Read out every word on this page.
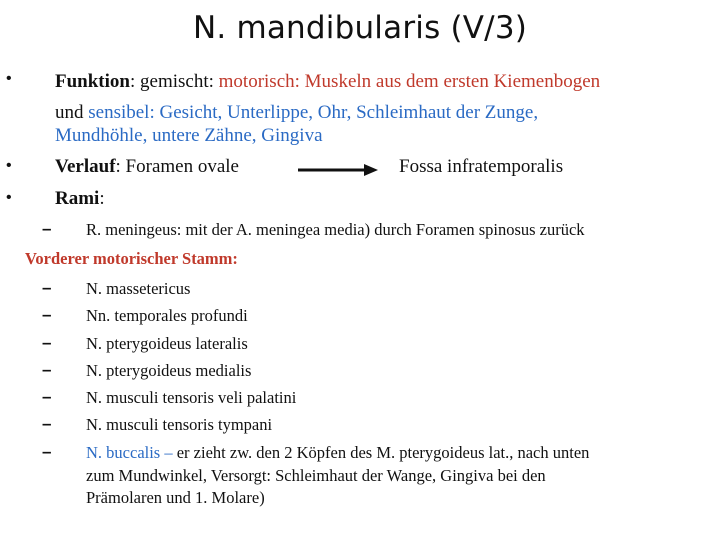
N. mandibularis (V/3)
• Funktion: gemischt: motorisch: Muskeln aus dem ersten Kiemenbogen
und sensibel: Gesicht, Unterlippe, Ohr, Schleimhaut der Zunge,
Mundhöhle, untere Zähne, Gingiva
• Verlauf: Foramen ovale	Fossa infratemporalis
• Rami:
– R. meningeus: mit der A. meningea media) durch Foramen spinosus zurück
Vorderer motorischer Stamm:
– N. massetericus
– Nn. temporales profundi
– N. pterygoideus lateralis
– N. pterygoideus medialis
– N. musculi tensoris veli palatini
– N. musculi tensoris tympani
– N. buccalis – er zieht zw. den 2 Köpfen des M. pterygoideus lat., nach unten
zum Mundwinkel, Versorgt: Schleimhaut der Wange, Gingiva bei den
Prämolaren und 1. Molare)
